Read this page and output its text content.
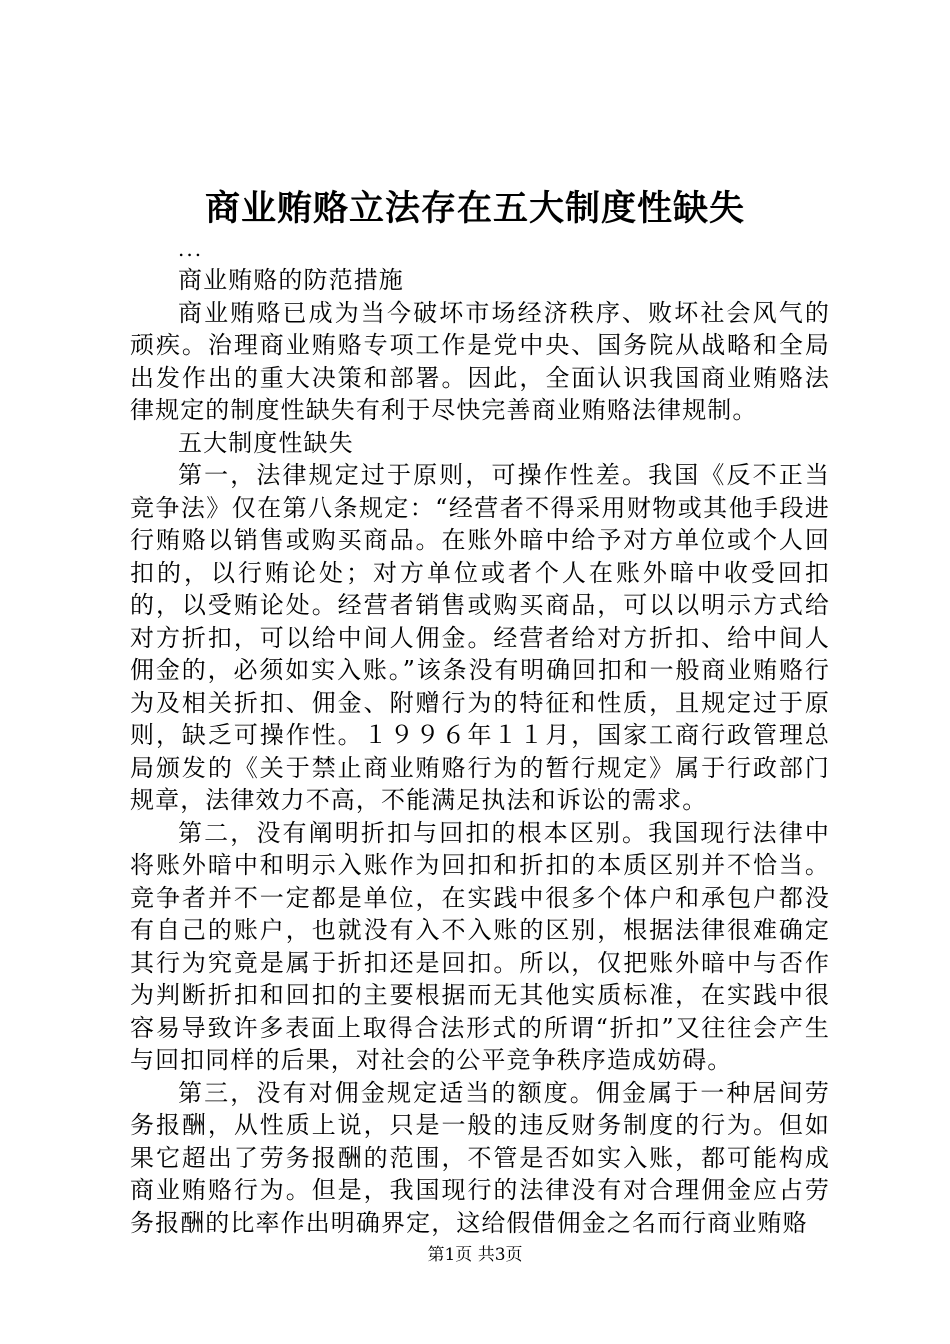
商业贿赂立法存在五大制度性缺失

...

商业贿赂的防范措施

商业贿赂已成为当今破坏市场经济秩序、败坏社会风气的顽疾。治理商业贿赂专项工作是党中央、国务院从战略和全局出发作出的重大决策和部署。因此，全面认识我国商业贿赂法律规定的制度性缺失有利于尽快完善商业贿赂法律规制。

五大制度性缺失

第一，法律规定过于原则，可操作性差。我国《反不正当竞争法》仅在第八条规定：“经营者不得采用财物或其他手段进行贿赂以销售或购买商品。在账外暗中给予对方单位或个人回扣的，以行贿论处；对方单位或者个人在账外暗中收受回扣的，以受贿论处。经营者销售或购买商品，可以以明示方式给对方折扣，可以给中间人佣金。经营者给对方折扣、给中间人佣金的，必须如实入账。”该条没有明确回扣和一般商业贿赂行为及相关折扣、佣金、附赠行为的特征和性质，且规定过于原则，缺乏可操作性。１９９６年１１月，国家工商行政管理总局颁发的《关于禁止商业贿赂行为的暂行规定》属于行政部门规章，法律效力不高，不能满足执法和诉讼的需求。

第二，没有阐明折扣与回扣的根本区别。我国现行法律中将账外暗中和明示入账作为回扣和折扣的本质区别并不恰当。竞争者并不一定都是单位，在实践中很多个体户和承包户都没有自己的账户，也就没有入不入账的区别，根据法律很难确定其行为究竟是属于折扣还是回扣。所以，仅把账外暗中与否作为判断折扣和回扣的主要根据而无其他实质标准，在实践中很容易导致许多表面上取得合法形式的所谓“折扣”又往往会产生与回扣同样的后果，对社会的公平竞争秩序造成妨碍。

第三，没有对佣金规定适当的额度。佣金属于一种居间劳务报酬，从性质上说，只是一般的违反财务制度的行为。但如果它超出了劳务报酬的范围，不管是否如实入账，都可能构成商业贿赂行为。但是，我国现行的法律没有对合理佣金应占劳务报酬的比率作出明确界定，这给假借佣金之名而行商业贿赂

第1页 共3页
